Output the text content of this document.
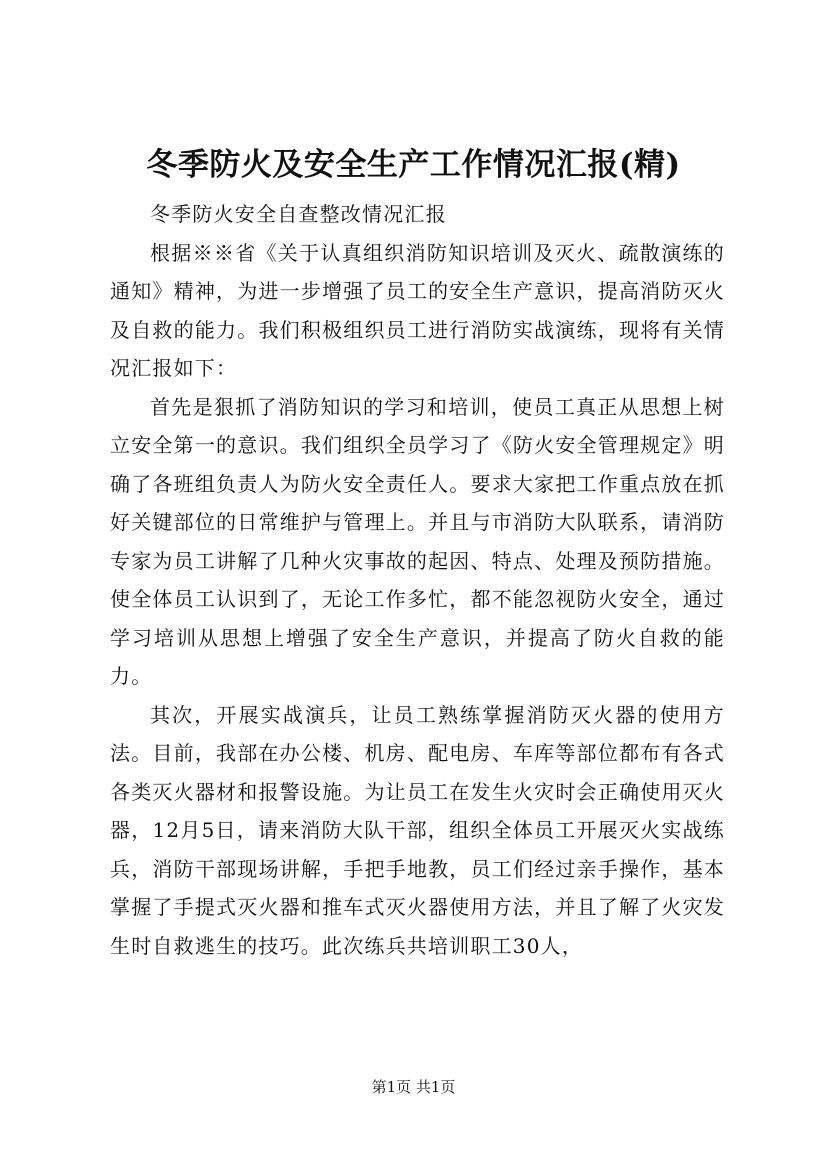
冬季防火及安全生产工作情况汇报(精)

冬季防火安全自查整改情况汇报

根据※※省《关于认真组织消防知识培训及灭火、疏散演练的通知》精神，为进一步增强了员工的安全生产意识，提高消防灭火及自救的能力。我们积极组织员工进行消防实战演练，现将有关情况汇报如下：

首先是狠抓了消防知识的学习和培训，使员工真正从思想上树立安全第一的意识。我们组织全员学习了《防火安全管理规定》明确了各班组负责人为防火安全责任人。要求大家把工作重点放在抓好关键部位的日常维护与管理上。并且与市消防大队联系，请消防专家为员工讲解了几种火灾事故的起因、特点、处理及预防措施。使全体员工认识到了，无论工作多忙，都不能忽视防火安全，通过学习培训从思想上增强了安全生产意识，并提高了防火自救的能力。

其次，开展实战演兵，让员工熟练掌握消防灭火器的使用方法。目前，我部在办公楼、机房、配电房、车库等部位都布有各式各类灭火器材和报警设施。为让员工在发生火灾时会正确使用灭火器，12月5日，请来消防大队干部，组织全体员工开展灭火实战练兵，消防干部现场讲解，手把手地教，员工们经过亲手操作，基本掌握了手提式灭火器和推车式灭火器使用方法，并且了解了火灾发生时自救逃生的技巧。此次练兵共培训职工30人，

第1页 共1页
